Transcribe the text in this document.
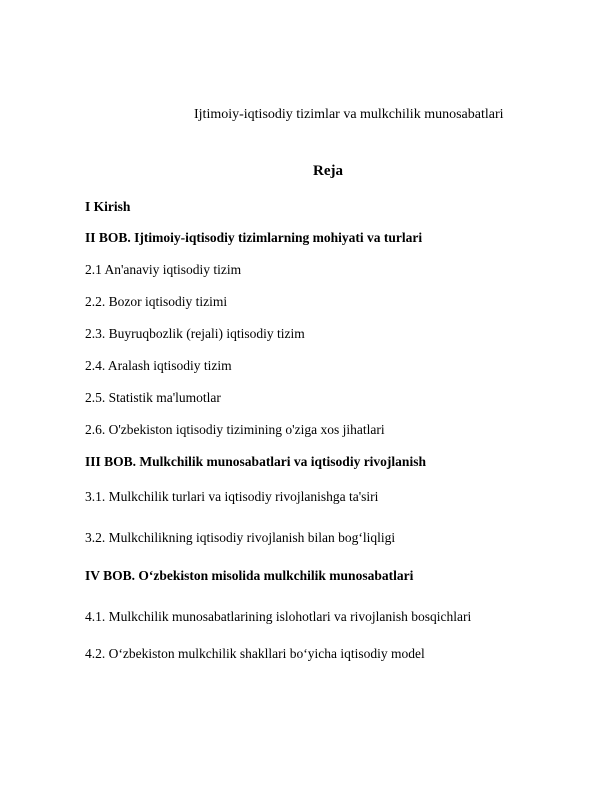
Ijtimoiy-iqtisodiy tizimlar va mulkchilik munosabatlari
Reja
I Kirish
II BOB. Ijtimoiy-iqtisodiy tizimlarning mohiyati va turlari
2.1 An'anaviy iqtisodiy tizim
2.2. Bozor iqtisodiy tizimi
2.3. Buyruqbozlik (rejali) iqtisodiy tizim
2.4. Aralash iqtisodiy tizim
2.5. Statistik ma'lumotlar
2.6. O'zbekiston iqtisodiy tizimining o'ziga xos jihatlari
III BOB. Mulkchilik munosabatlari va iqtisodiy rivojlanish
3.1. Mulkchilik turlari va iqtisodiy rivojlanishga ta'siri
3.2. Mulkchilikning iqtisodiy rivojlanish bilan bog‘liqligi
IV BOB. O‘zbekiston misolida mulkchilik munosabatlari
4.1. Mulkchilik munosabatlarining islohotlari va rivojlanish bosqichlari
4.2. O‘zbekiston mulkchilik shakllari bo‘yicha iqtisodiy model
